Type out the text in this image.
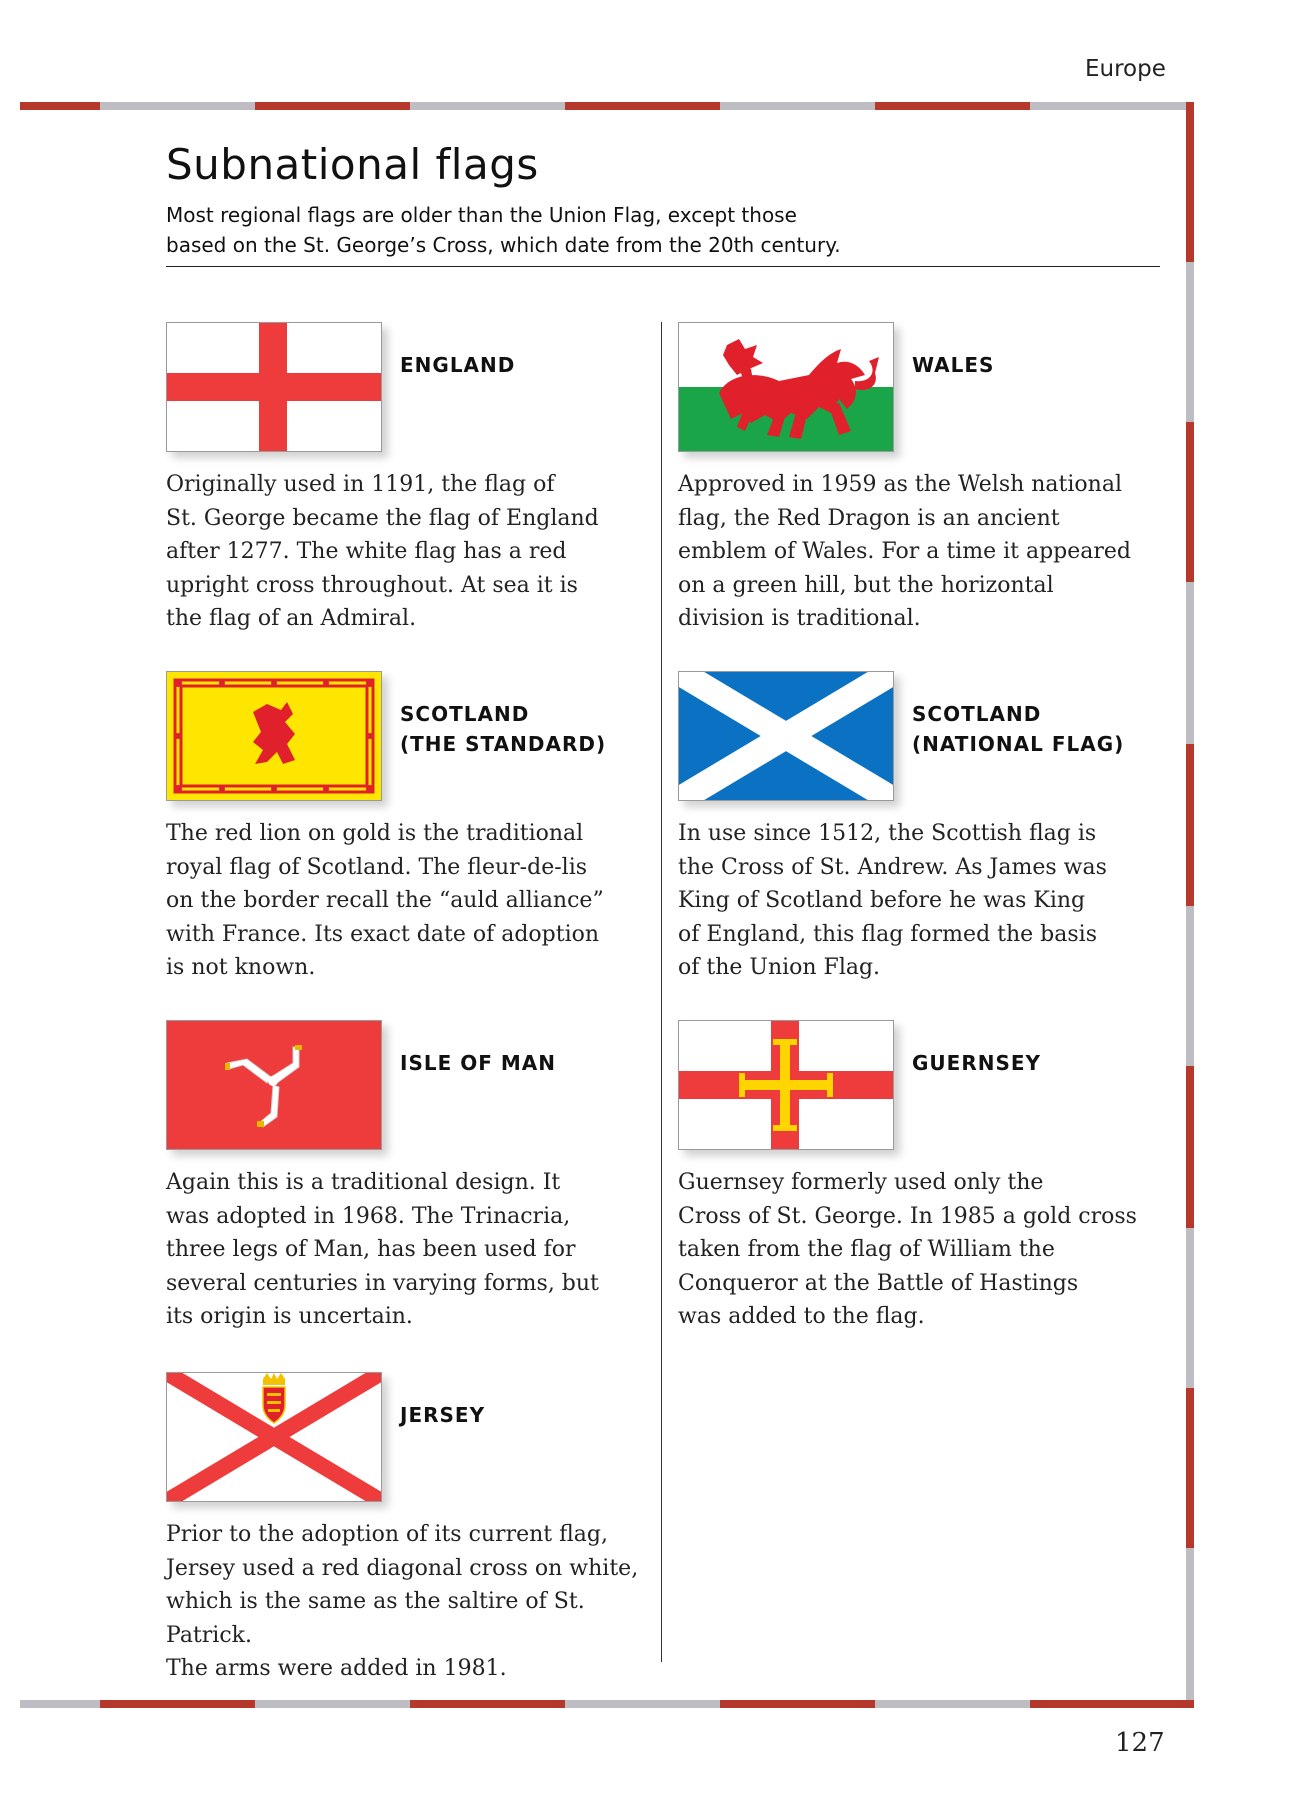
Europe
Subnational flags
Most regional flags are older than the Union Flag, except those
based on the St. George’s Cross, which date from the 20th century.
ENGLAND
Originally used in 1191, the flag of
St. George became the flag of England
after 1277. The white flag has a red
upright cross throughout. At sea it is
the flag of an Admiral.
WALES
Approved in 1959 as the Welsh national
flag, the Red Dragon is an ancient
emblem of Wales. For a time it appeared
on a green hill, but the horizontal
division is traditional.
SCOTLAND
(THE STANDARD)
The red lion on gold is the traditional
royal flag of Scotland. The fleur-de-lis
on the border recall the “auld alliance”
with France. Its exact date of adoption
is not known.
SCOTLAND
(NATIONAL FLAG)
In use since 1512, the Scottish flag is
the Cross of St. Andrew. As James was
King of Scotland before he was King
of England, this flag formed the basis
of the Union Flag.
ISLE OF MAN
Again this is a traditional design. It
was adopted in 1968. The Trinacria,
three legs of Man, has been used for
several centuries in varying forms, but
its origin is uncertain.
GUERNSEY
Guernsey formerly used only the
Cross of St. George. In 1985 a gold cross
taken from the flag of William the
Conqueror at the Battle of Hastings
was added to the flag.
JERSEY
Prior to the adoption of its current flag,
Jersey used a red diagonal cross on white,
which is the same as the saltire of St. Patrick.
The arms were added in 1981.
127
